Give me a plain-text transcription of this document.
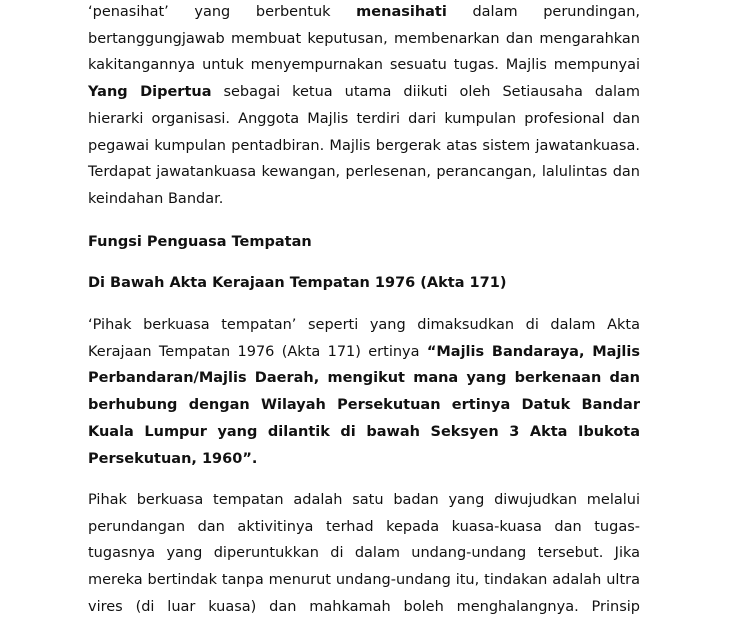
‘penasihat’ yang berbentuk menasihati dalam perundingan, bertanggungjawab membuat keputusan, membenarkan dan mengarahkan kakitangannya untuk menyempurnakan sesuatu tugas. Majlis mempunyai Yang Dipertua sebagai ketua utama diikuti oleh Setiausaha dalam hierarki organisasi. Anggota Majlis terdiri dari kumpulan profesional dan pegawai kumpulan pentadbiran. Majlis bergerak atas sistem jawatankuasa. Terdapat jawatankuasa kewangan, perlesenan, perancangan, lalulintas dan keindahan Bandar.

Fungsi Penguasa Tempatan
Di Bawah Akta Kerajaan Tempatan 1976 (Akta 171)

‘Pihak berkuasa tempatan’ seperti yang dimaksudkan di dalam Akta Kerajaan Tempatan 1976 (Akta 171) ertinya “Majlis Bandaraya, Majlis Perbandaran/Majlis Daerah, mengikut mana yang berkenaan dan berhubung dengan Wilayah Persekutuan ertinya Datuk Bandar Kuala Lumpur yang dilantik di bawah Seksyen 3 Akta Ibukota Persekutuan, 1960”.

Pihak berkuasa tempatan adalah satu badan yang diwujudkan melalui perundangan dan aktivitinya terhad kepada kuasa-kuasa dan tugas-tugasnya yang diperuntukkan di dalam undang-undang tersebut. Jika mereka bertindak tanpa menurut undang-undang itu, tindakan adalah ultra vires (di luar kuasa) dan mahkamah boleh menghalangnya. Prinsip
